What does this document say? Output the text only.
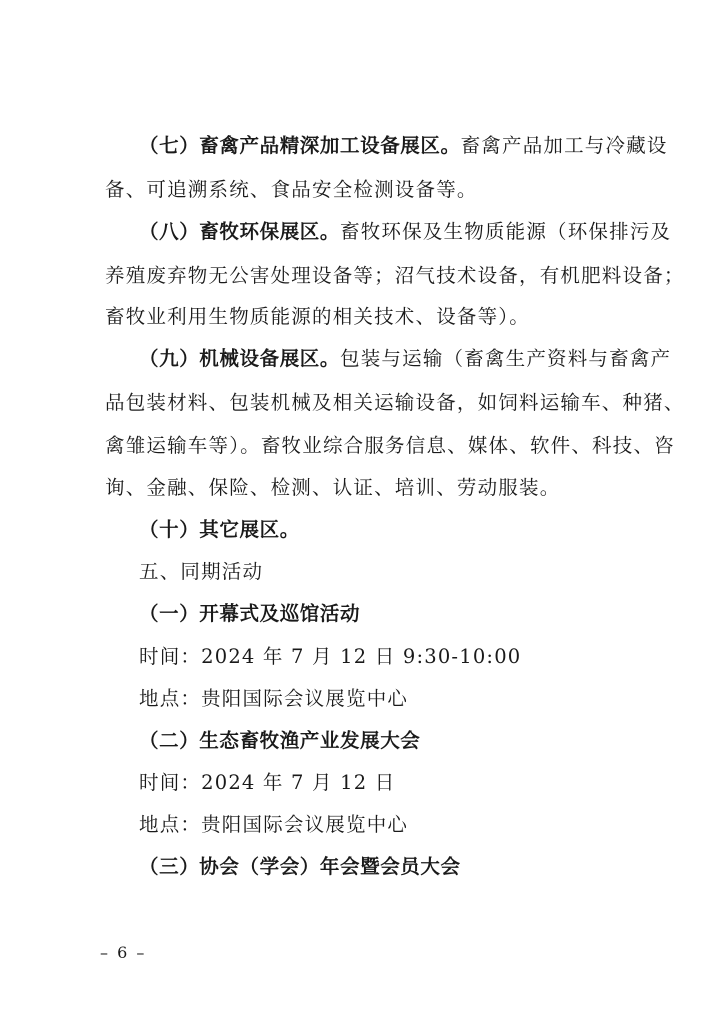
（七）畜禽产品精深加工设备展区。畜禽产品加工与冷藏设
备、可追溯系统、食品安全检测设备等。
（八）畜牧环保展区。畜牧环保及生物质能源（环保排污及
养殖废弃物无公害处理设备等；沼气技术设备，有机肥料设备；
畜牧业利用生物质能源的相关技术、设备等）。
（九）机械设备展区。包装与运输（畜禽生产资料与畜禽产
品包装材料、包装机械及相关运输设备，如饲料运输车、种猪、
禽雏运输车等）。畜牧业综合服务信息、媒体、软件、科技、咨
询、金融、保险、检测、认证、培训、劳动服装。
（十）其它展区。
五、同期活动
（一）开幕式及巡馆活动
时间：2024 年 7 月 12 日 9:30-10:00
地点：贵阳国际会议展览中心
（二）生态畜牧渔产业发展大会
时间：2024 年 7 月 12 日
地点：贵阳国际会议展览中心
（三）协会（学会）年会暨会员大会
– 6 –
